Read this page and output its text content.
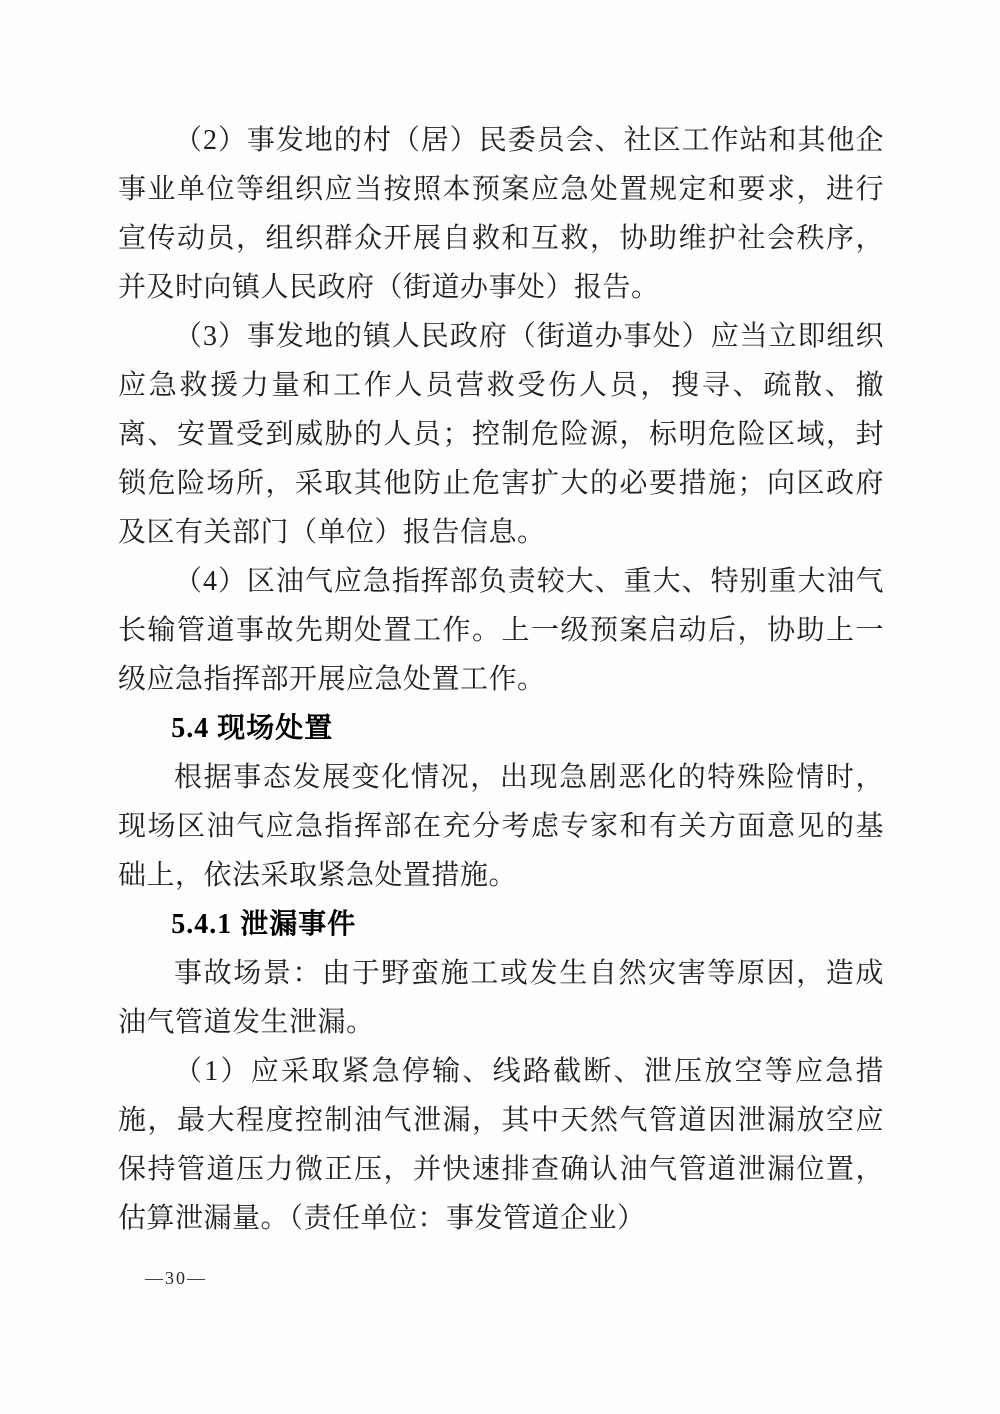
（2）事发地的村（居）民委员会、社区工作站和其他企事业单位等组织应当按照本预案应急处置规定和要求，进行宣传动员，组织群众开展自救和互救，协助维护社会秩序，并及时向镇人民政府（街道办事处）报告。

（3）事发地的镇人民政府（街道办事处）应当立即组织应急救援力量和工作人员营救受伤人员，搜寻、疏散、撤离、安置受到威胁的人员；控制危险源，标明危险区域，封锁危险场所，采取其他防止危害扩大的必要措施；向区政府及区有关部门（单位）报告信息。

（4）区油气应急指挥部负责较大、重大、特别重大油气长输管道事故先期处置工作。上一级预案启动后，协助上一级应急指挥部开展应急处置工作。

5.4 现场处置

根据事态发展变化情况，出现急剧恶化的特殊险情时，现场区油气应急指挥部在充分考虑专家和有关方面意见的基础上，依法采取紧急处置措施。

5.4.1 泄漏事件

事故场景：由于野蛮施工或发生自然灾害等原因，造成油气管道发生泄漏。

（1）应采取紧急停输、线路截断、泄压放空等应急措施，最大程度控制油气泄漏，其中天然气管道因泄漏放空应保持管道压力微正压，并快速排查确认油气管道泄漏位置，估算泄漏量。（责任单位：事发管道企业）

—30—
